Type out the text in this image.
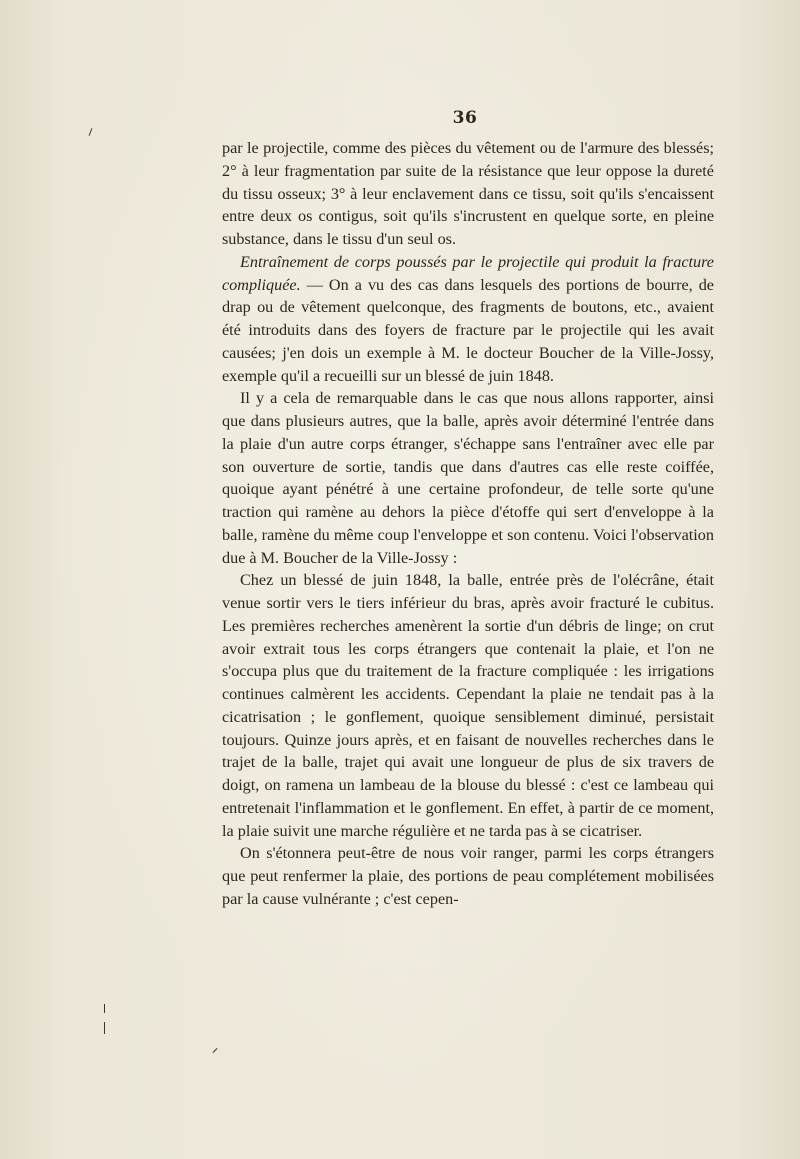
36

par le projectile, comme des pièces du vêtement ou de l'armure des blessés; 2° à leur fragmentation par suite de la résistance que leur oppose la dureté du tissu osseux; 3° à leur enclavement dans ce tissu, soit qu'ils s'encaissent entre deux os contigus, soit qu'ils s'incrustent en quelque sorte, en pleine substance, dans le tissu d'un seul os.

Entraînement de corps poussés par le projectile qui produit la fracture compliquée. — On a vu des cas dans lesquels des portions de bourre, de drap ou de vêtement quelconque, des fragments de boutons, etc., avaient été introduits dans des foyers de fracture par le projectile qui les avait causées; j'en dois un exemple à M. le docteur Boucher de la Ville-Jossy, exemple qu'il a recueilli sur un blessé de juin 1848.

Il y a cela de remarquable dans le cas que nous allons rapporter, ainsi que dans plusieurs autres, que la balle, après avoir déterminé l'entrée dans la plaie d'un autre corps étranger, s'échappe sans l'entraîner avec elle par son ouverture de sortie, tandis que dans d'autres cas elle reste coiffée, quoique ayant pénétré à une certaine profondeur, de telle sorte qu'une traction qui ramène au dehors la pièce d'étoffe qui sert d'enveloppe à la balle, ramène du même coup l'enveloppe et son contenu. Voici l'observation due à M. Boucher de la Ville-Jossy :

Chez un blessé de juin 1848, la balle, entrée près de l'olécrâne, était venue sortir vers le tiers inférieur du bras, après avoir fracturé le cubitus. Les premières recherches amenèrent la sortie d'un débris de linge; on crut avoir extrait tous les corps étrangers que contenait la plaie, et l'on ne s'occupa plus que du traitement de la fracture compliquée : les irrigations continues calmèrent les accidents. Cependant la plaie ne tendait pas à la cicatrisation ; le gonflement, quoique sensiblement diminué, persistait toujours. Quinze jours après, et en faisant de nouvelles recherches dans le trajet de la balle, trajet qui avait une longueur de plus de six travers de doigt, on ramena un lambeau de la blouse du blessé : c'est ce lambeau qui entretenait l'inflammation et le gonflement. En effet, à partir de ce moment, la plaie suivit une marche régulière et ne tarda pas à se cicatriser.

On s'étonnera peut-être de nous voir ranger, parmi les corps étrangers que peut renfermer la plaie, des portions de peau complétement mobilisées par la cause vulnérante ; c'est cepen-
